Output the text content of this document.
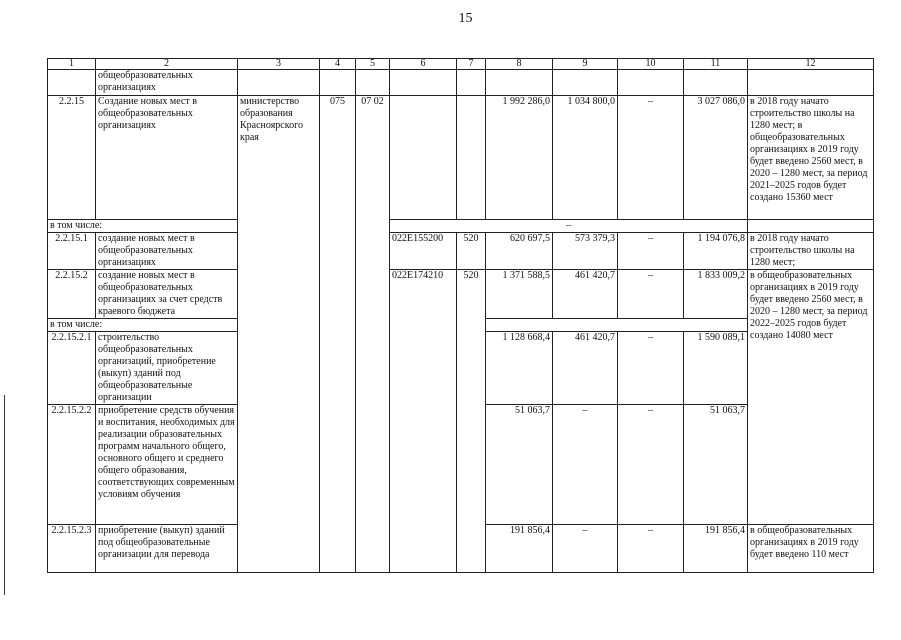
15
1	2	3	4	5	6	7	8	9	10	11	12
	общеобразовательных организациях										
2.2.15	Создание новых мест в общеобразовательных организациях	министерство образования Красноярского края	075	07 02			1 992 286,0	1 034 800,0	–	3 027 086,0	в 2018 году начато строительство школы на 1280 мест; в общеобразовательных организациях в 2019 году будет введено 2560 мест, в 2020 – 1280 мест, за период 2021–2025 годов будет создано 15360 мест
в том числе:					–						
2.2.15.1	создание новых мест в общеобразовательных организациях				022E155200	520	620 697,5	573 379,3	–	1 194 076,8	в 2018 году начато строительство школы на 1280 мест;
2.2.15.2	создание новых мест в общеобразовательных организациях за счет средств краевого бюджета				022E174210	520	1 371 588,5	461 420,7	–	1 833 009,2	в общеобразовательных организациях в 2019 году будет введено 2560 мест, в 2020 – 1280 мест, за период 2022–2025 годов будет создано 14080 мест
в том числе:											
2.2.15.2.1	строительство общеобразовательных организаций, приобретение (выкуп) зданий под общеобразовательные организации						1 128 668,4	461 420,7	–	1 590 089,1	
2.2.15.2.2	приобретение средств обучения и воспитания, необходимых для реализации образовательных программ начального общего, основного общего и среднего общего образования, соответствующих современным условиям обучения						51 063,7	–	–	51 063,7	
2.2.15.2.3	приобретение (выкуп) зданий под общеобразовательные организации для перевода						191 856,4	–	–	191 856,4	в общеобразовательных организациях в 2019 году будет введено 110 мест
